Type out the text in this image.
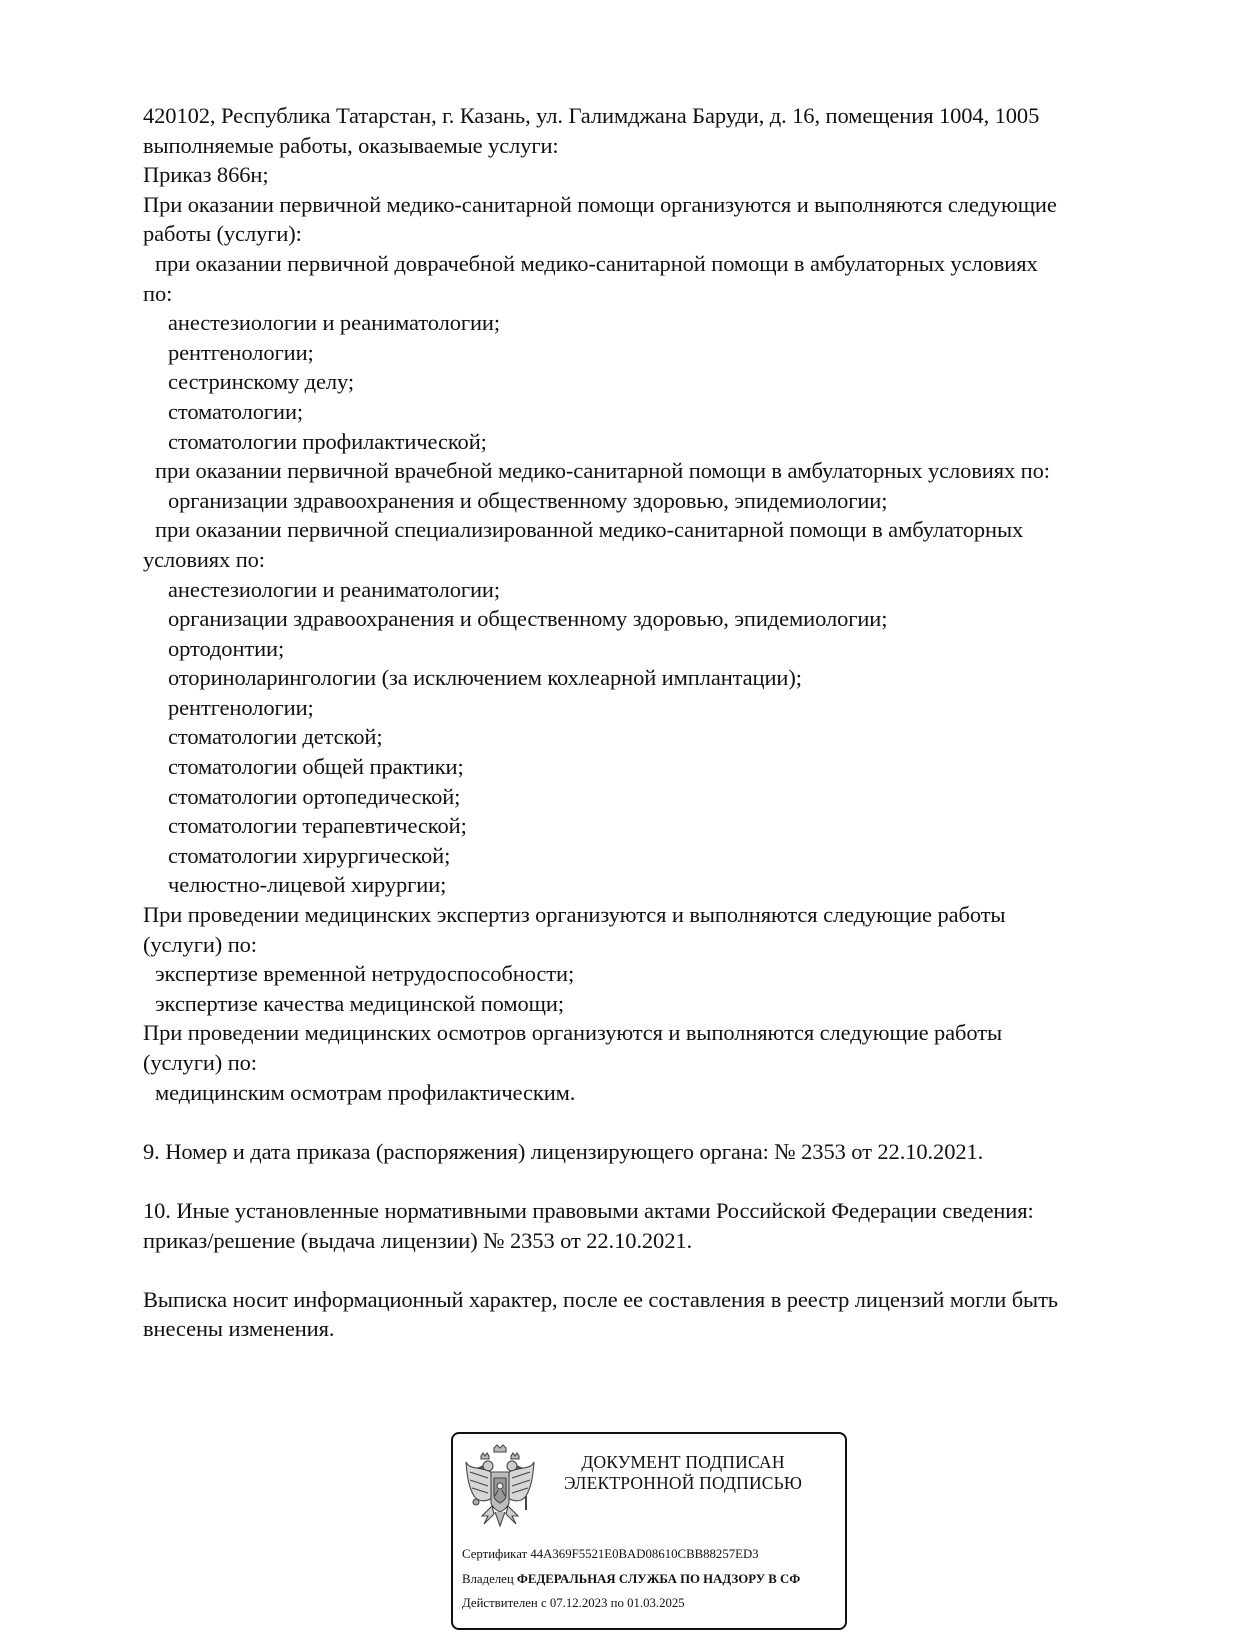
420102, Республика Татарстан, г. Казань, ул. Галимджана Баруди, д. 16, помещения 1004, 1005
выполняемые работы, оказываемые услуги:
Приказ 866н;
При оказании первичной медико-санитарной помощи организуются и выполняются следующие
работы (услуги):
при оказании первичной доврачебной медико-санитарной помощи в амбулаторных условиях
по:
анестезиологии и реаниматологии;
рентгенологии;
сестринскому делу;
стоматологии;
стоматологии профилактической;
при оказании первичной врачебной медико-санитарной помощи в амбулаторных условиях по:
организации здравоохранения и общественному здоровью, эпидемиологии;
при оказании первичной специализированной медико-санитарной помощи в амбулаторных
условиях по:
анестезиологии и реаниматологии;
организации здравоохранения и общественному здоровью, эпидемиологии;
ортодонтии;
оториноларингологии (за исключением кохлеарной имплантации);
рентгенологии;
стоматологии детской;
стоматологии общей практики;
стоматологии ортопедической;
стоматологии терапевтической;
стоматологии хирургической;
челюстно-лицевой хирургии;
При проведении медицинских экспертиз организуются и выполняются следующие работы
(услуги) по:
экспертизе временной нетрудоспособности;
экспертизе качества медицинской помощи;
При проведении медицинских осмотров организуются и выполняются следующие работы
(услуги) по:
медицинским осмотрам профилактическим.
9. Номер и дата приказа (распоряжения) лицензирующего органа: № 2353 от 22.10.2021.
10. Иные установленные нормативными правовыми актами Российской Федерации сведения:
приказ/решение (выдача лицензии) № 2353 от 22.10.2021.
Выписка носит информационный характер, после ее составления в реестр лицензий могли быть
внесены изменения.
ДОКУМЕНТ ПОДПИСАН
ЭЛЕКТРОННОЙ ПОДПИСЬЮ
Сертификат 44A369F5521E0BAD08610CBB88257ED3
Владелец ФЕДЕРАЛЬНАЯ СЛУЖБА ПО НАДЗОРУ В СФ
Действителен с 07.12.2023 по 01.03.2025
